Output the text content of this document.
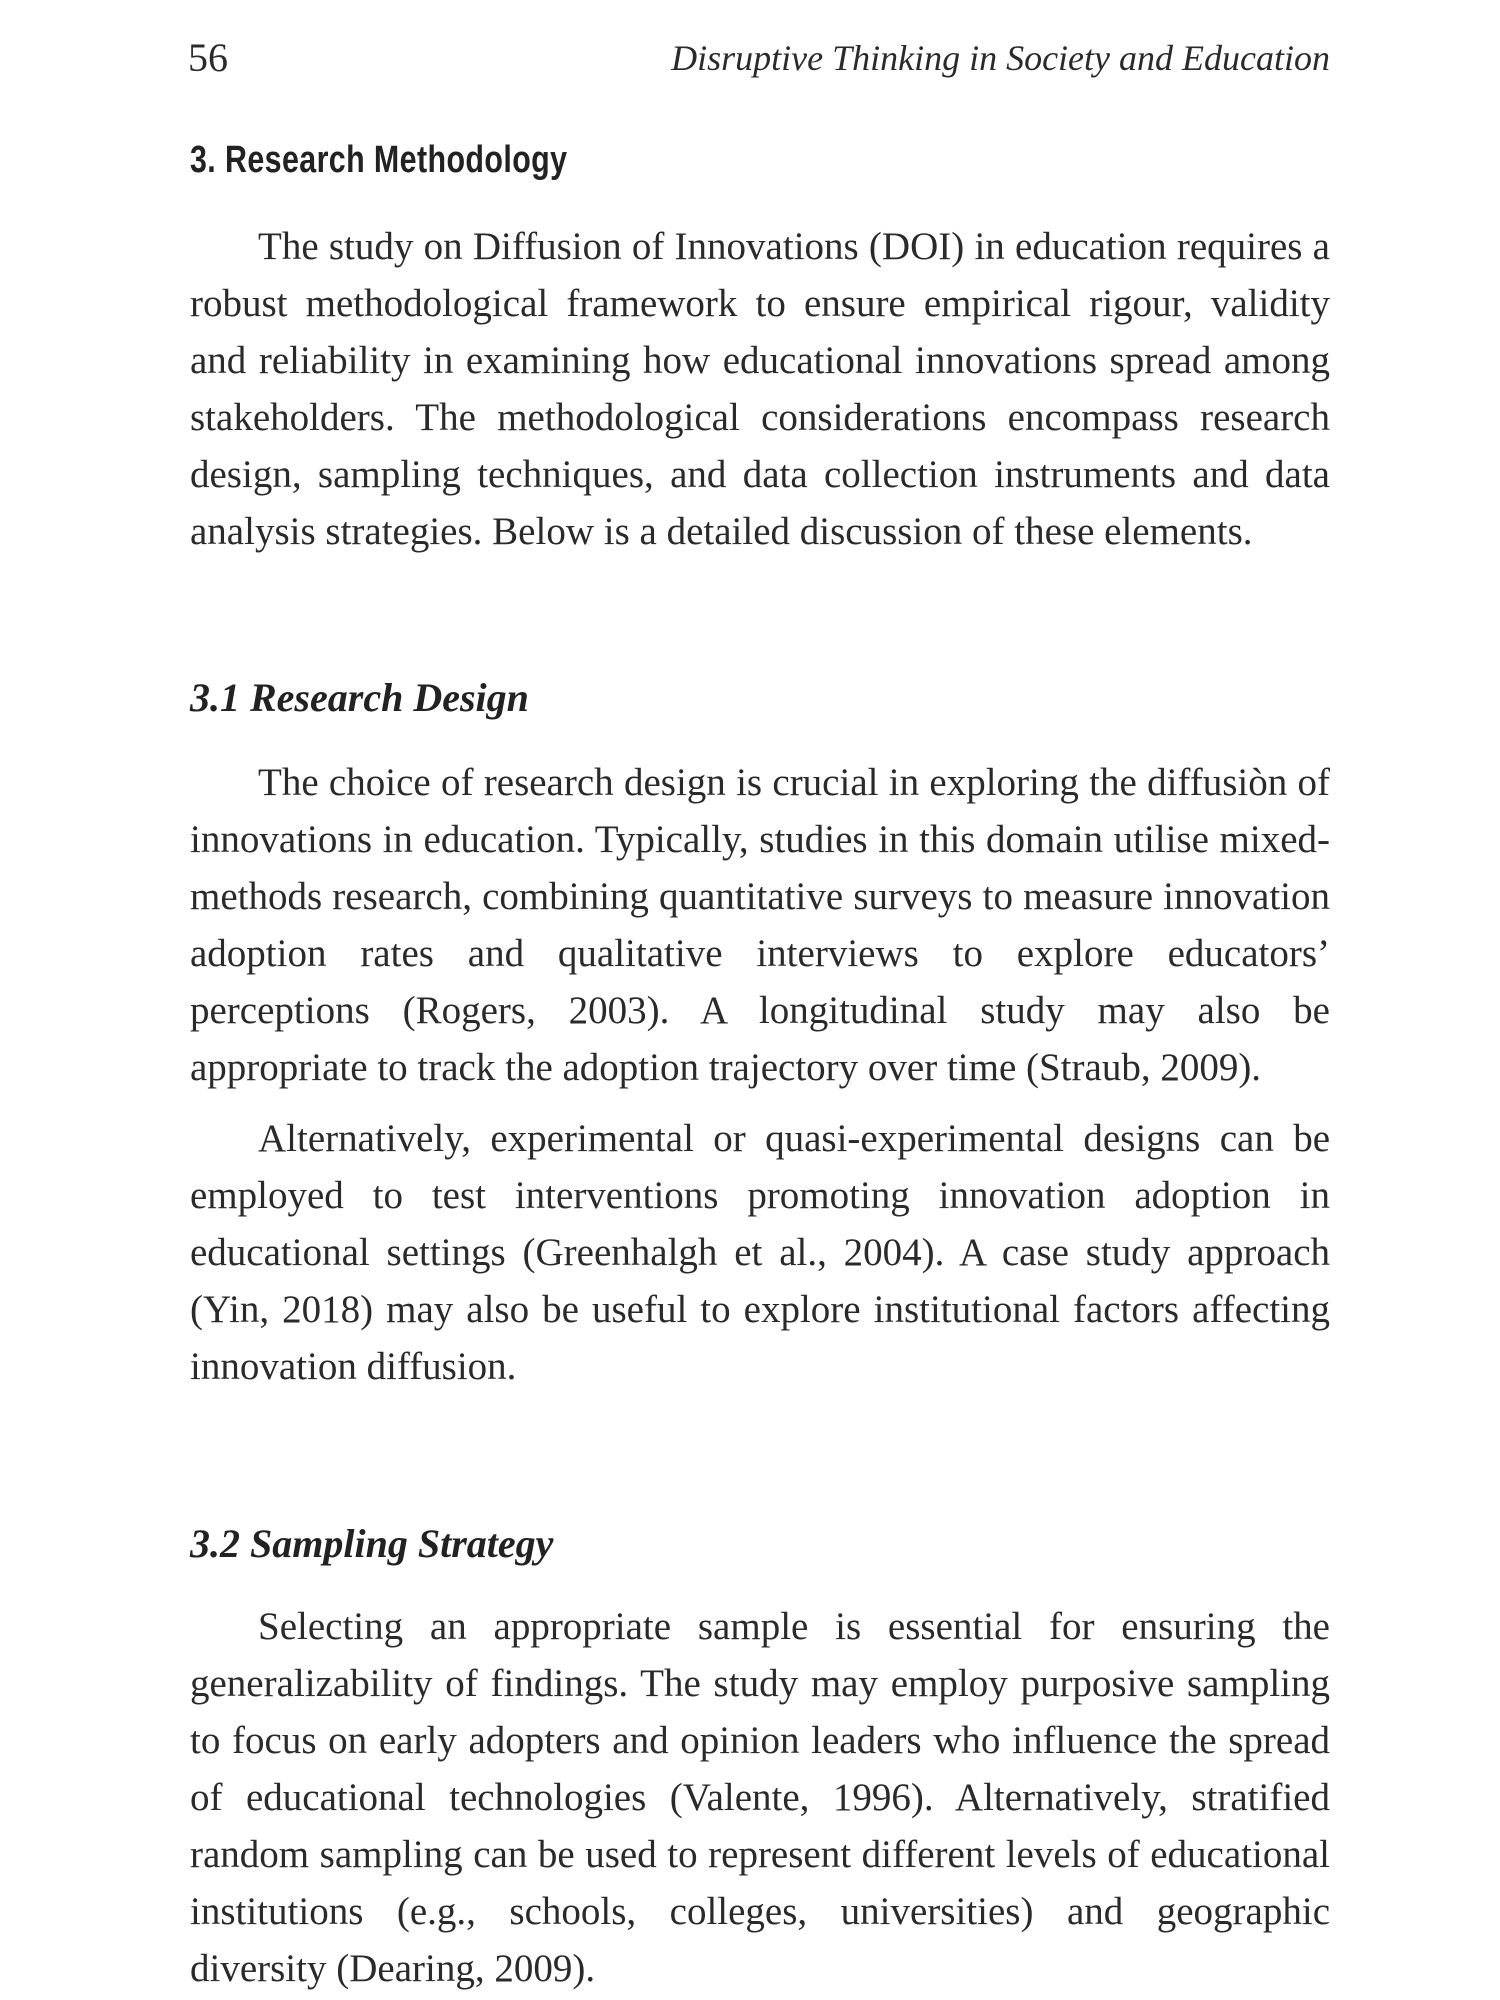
56	Disruptive Thinking in Society and Education
3. Research Methodology

The study on Diffusion of Innovations (DOI) in education requires a robust methodological framework to ensure empirical rigour, validity and reliability in examining how educational innovations spread among stakeholders. The methodological considerations encompass research design, sampling techniques, and data collection instruments and data analysis strategies. Below is a detailed discussion of these elements.

3.1 Research Design

The choice of research design is crucial in exploring the diffusiòn of innovations in education. Typically, studies in this domain utilise mixed-methods research, combining quantitative surveys to measure innovation adoption rates and qualitative interviews to explore educators’ perceptions (Rogers, 2003). A longitudinal study may also be appropriate to track the adoption trajectory over time (Straub, 2009).

Alternatively, experimental or quasi-experimental designs can be employed to test interventions promoting innovation adoption in educational settings (Greenhalgh et al., 2004). A case study approach (Yin, 2018) may also be useful to explore institutional factors affecting innovation diffusion.

3.2 Sampling Strategy

Selecting an appropriate sample is essential for ensuring the generalizability of findings. The study may employ purposive sampling to focus on early adopters and opinion leaders who influence the spread of educational technologies (Valente, 1996). Alternatively, stratified random sampling can be used to represent different levels of educational institutions (e.g., schools, colleges, universities) and geographic diversity (Dearing, 2009).
